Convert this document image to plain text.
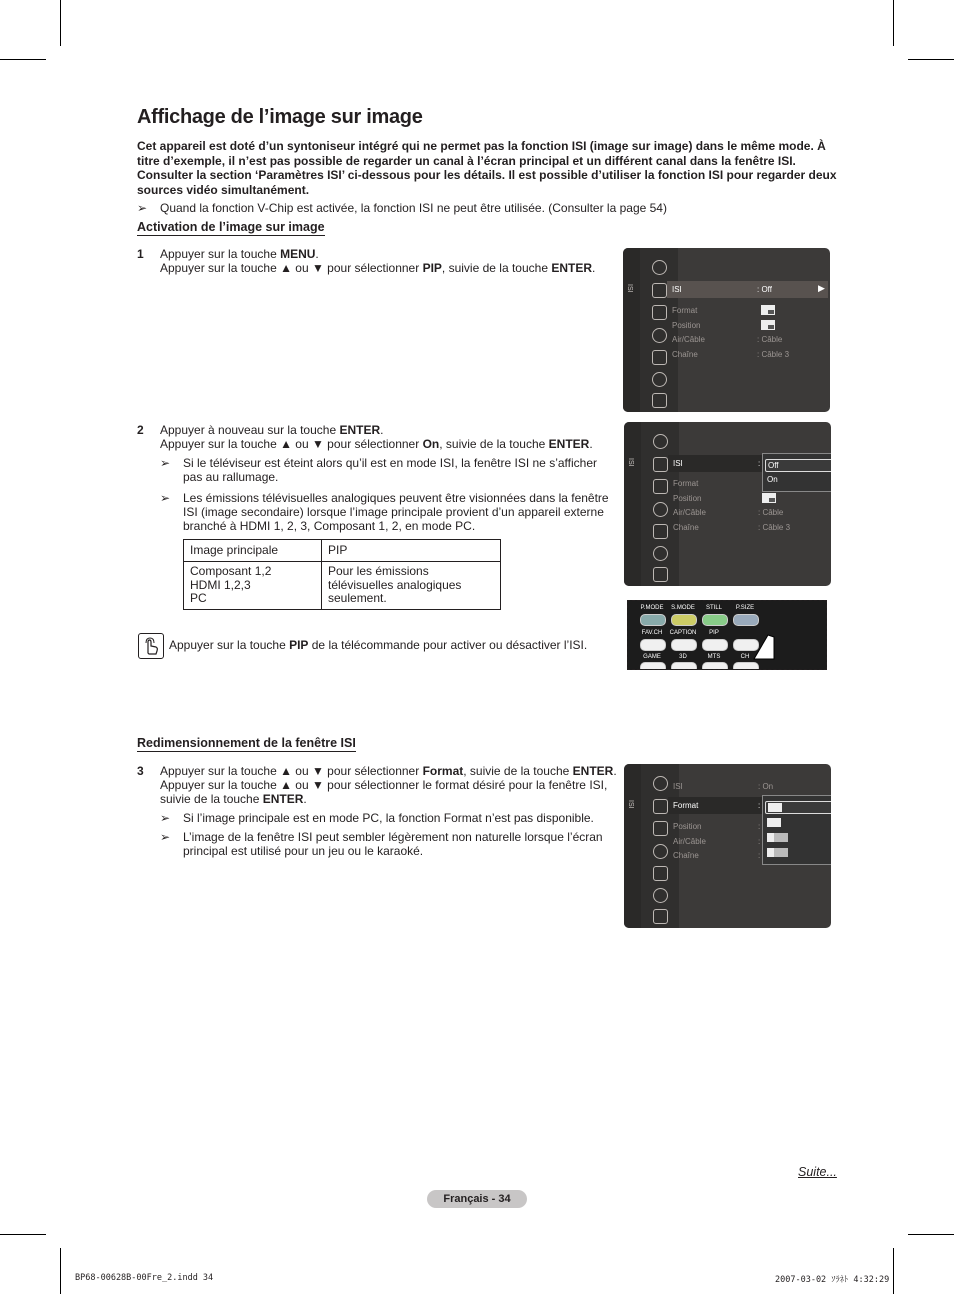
Affichage de l’image sur image
Cet appareil est doté d’un syntoniseur intégré qui ne permet pas la fonction ISI (image sur image) dans le même mode. À titre d’exemple, il n’est pas possible de regarder un canal à l’écran principal et un différent canal dans la fenêtre ISI. Consulter la section ‘Paramètres ISI’ ci-dessous pour les détails. Il est possible d’utiliser la fonction ISI pour regarder deux sources vidéo simultanément.
➢ Quand la fonction V-Chip est activée, la fonction ISI ne peut être utilisée. (Consulter la page 54)
Activation de l’image sur image
1 Appuyer sur la touche MENU.
Appuyer sur la touche ▲ ou ▼ pour sélectionner PIP, suivie de la touche ENTER.
2 Appuyer à nouveau sur la touche ENTER.
Appuyer sur la touche ▲ ou ▼ pour sélectionner On, suivie de la touche ENTER.
➢ Si le téléviseur est éteint alors qu’il est en mode ISI, la fenêtre ISI ne s’afficher pas au rallumage.
➢ Les émissions télévisuelles analogiques peuvent être visionnées dans la fenêtre ISI (image secondaire) lorsque l’image principale provient d’un appareil externe branché à HDMI 1, 2, 3, Composant 1, 2, en mode PC.
Image principale	PIP

Composant 1,2
HDMI 1,2,3
PC	Pour les émissions télévisuelles analogiques seulement.
Appuyer sur la touche PIP de la télécommande pour activer ou désactiver l’ISI.
Redimensionnement de la fenêtre ISI
3 Appuyer sur la touche ▲ ou ▼ pour sélectionner Format, suivie de la touche ENTER.
Appuyer sur la touche ▲ ou ▼ pour sélectionner le format désiré pour la fenêtre ISI,
suivie de la touche ENTER.
➢ Si l’image principale est en mode PC, la fonction Format n’est pas disponible.
➢ L’image de la fenêtre ISI peut sembler légèrement non naturelle lorsque l’écran principal est utilisé pour un jeu ou le karaoké.
ISI	ISI	: Off	▶
Format
Position
Air/Câble	: Câble
Chaîne	: Câble 3
ISI	ISI	:
Format
Position
Air/Câble	: Câble
Chaîne	: Câble 3
Off
On
P.MODE	S.MODE	STILL	P.SIZE
FAV.CH	CAPTION	PIP
GAME	3D	MTS	CH
ISI
ISI	: On
Format	:
Position	:
Air/Câble	:
Chaîne	:
Suite...
Français - 34
BP68-00628B-00Fre_2.indd 34	2007-03-02 ｿﾗﾈﾄ 4:32:29
